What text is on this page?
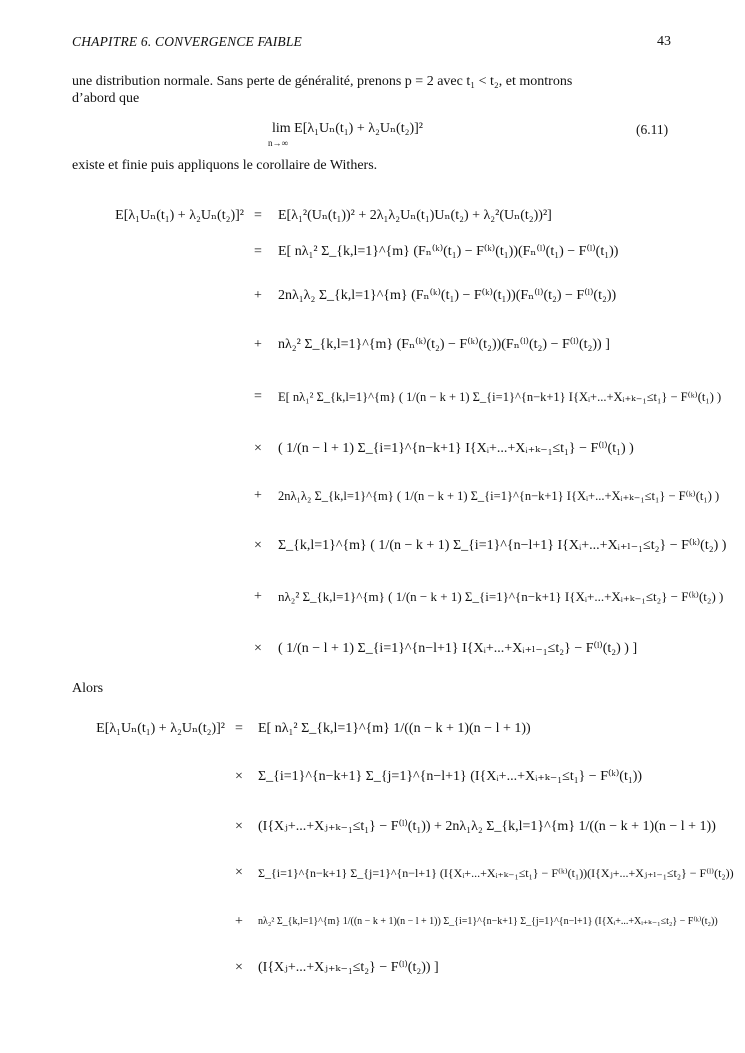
CHAPITRE 6. CONVERGENCE FAIBLE	43
une distribution normale. Sans perte de généralité, prenons p = 2 avec t₁ < t₂, et montrons
d’abord que
lim E[λ₁Uₙ(t₁) + λ₂Uₙ(t₂)]²
n→∞
(6.11)
existe et finie puis appliquons le corollaire de Withers.
E[λ₁Uₙ(t₁) + λ₂Uₙ(t₂)]² = E[λ₁²(Uₙ(t₁))² + 2λ₁λ₂Uₙ(t₁)Uₙ(t₂) + λ₂²(Uₙ(t₂))²]
= E[ nλ₁² Σ_{k,l=1}^{m} (Fₙ⁽ᵏ⁾(t₁) − F⁽ᵏ⁾(t₁))(Fₙ⁽ˡ⁾(t₁) − F⁽ˡ⁾(t₁))
+ 2nλ₁λ₂ Σ_{k,l=1}^{m} (Fₙ⁽ᵏ⁾(t₁) − F⁽ᵏ⁾(t₁))(Fₙ⁽ˡ⁾(t₂) − F⁽ˡ⁾(t₂))
+ nλ₂² Σ_{k,l=1}^{m} (Fₙ⁽ᵏ⁾(t₂) − F⁽ᵏ⁾(t₂))(Fₙ⁽ˡ⁾(t₂) − F⁽ˡ⁾(t₂)) ]
= E[ nλ₁² Σ_{k,l=1}^{m} ( 1/(n − k + 1) Σ_{i=1}^{n−k+1} I{Xᵢ+...+Xᵢ₊ₖ₋₁≤t₁} − F⁽ᵏ⁾(t₁) )
× ( 1/(n − l + 1) Σ_{i=1}^{n−k+1} I{Xᵢ+...+Xᵢ₊ₖ₋₁≤t₁} − F⁽ˡ⁾(t₁) )
+ 2nλ₁λ₂ Σ_{k,l=1}^{m} ( 1/(n − k + 1) Σ_{i=1}^{n−k+1} I{Xᵢ+...+Xᵢ₊ₖ₋₁≤t₁} − F⁽ᵏ⁾(t₁) )
× Σ_{k,l=1}^{m} ( 1/(n − k + 1) Σ_{i=1}^{n−l+1} I{Xᵢ+...+Xᵢ₊ₗ₋₁≤t₂} − F⁽ᵏ⁾(t₂) )
+ nλ₂² Σ_{k,l=1}^{m} ( 1/(n − k + 1) Σ_{i=1}^{n−k+1} I{Xᵢ+...+Xᵢ₊ₖ₋₁≤t₂} − F⁽ᵏ⁾(t₂) )
× ( 1/(n − l + 1) Σ_{i=1}^{n−l+1} I{Xᵢ+...+Xᵢ₊ₗ₋₁≤t₂} − F⁽ˡ⁾(t₂) ) ]
Alors
E[λ₁Uₙ(t₁) + λ₂Uₙ(t₂)]² = E[ nλ₁² Σ_{k,l=1}^{m} 1/((n − k + 1)(n − l + 1))
× Σ_{i=1}^{n−k+1} Σ_{j=1}^{n−l+1} (I{Xᵢ+...+Xᵢ₊ₖ₋₁≤t₁} − F⁽ᵏ⁾(t₁))
× (I{Xⱼ+...+Xⱼ₊ₖ₋₁≤t₁} − F⁽ˡ⁾(t₁)) + 2nλ₁λ₂ Σ_{k,l=1}^{m} 1/((n − k + 1)(n − l + 1))
× Σ_{i=1}^{n−k+1} Σ_{j=1}^{n−l+1} (I{Xᵢ+...+Xᵢ₊ₖ₋₁≤t₁} − F⁽ᵏ⁾(t₁))(I{Xⱼ+...+Xⱼ₊ₗ₋₁≤t₂} − F⁽ˡ⁾(t₂))
+ nλ₂² Σ_{k,l=1}^{m} 1/((n − k + 1)(n − l + 1)) Σ_{i=1}^{n−k+1} Σ_{j=1}^{n−l+1} (I{Xᵢ+...+Xᵢ₊ₖ₋₁≤t₂} − F⁽ᵏ⁾(t₂))
× (I{Xⱼ+...+Xⱼ₊ₖ₋₁≤t₂} − F⁽ˡ⁾(t₂)) ]
